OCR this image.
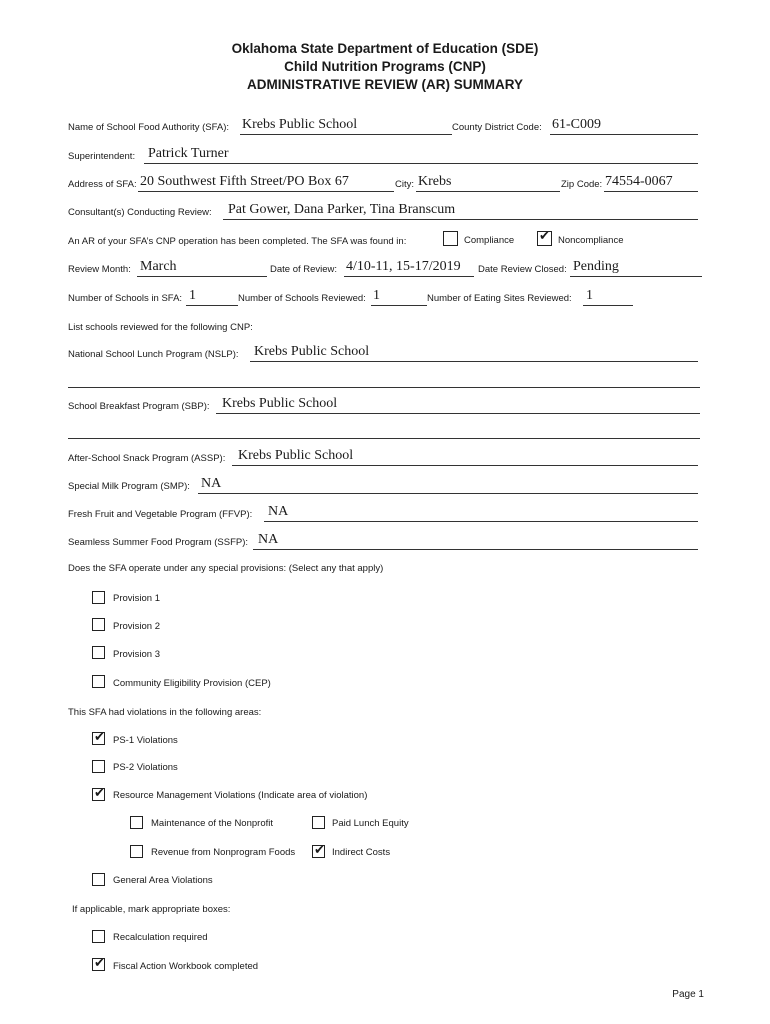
Oklahoma State Department of Education (SDE)
Child Nutrition Programs (CNP)
ADMINISTRATIVE REVIEW (AR) SUMMARY
Name of School Food Authority (SFA): Krebs Public School	County District Code: 61-C009
Superintendent: Patrick Turner
Address of SFA: 20 Southwest Fifth Street/PO Box 67	City: Krebs	Zip Code: 74554-0067
Consultant(s) Conducting Review: Pat Gower, Dana Parker, Tina Branscum
An AR of your SFA’s CNP operation has been completed. The SFA was found in:	Compliance ✔ Noncompliance
Review Month: March	Date of Review: 4/10-11, 15-17/2019 Date Review Closed: Pending
Number of Schools in SFA: 1	Number of Schools Reviewed: 1	Number of Eating Sites Reviewed: 1
List schools reviewed for the following CNP:
National School Lunch Program (NSLP): Krebs Public School
School Breakfast Program (SBP): Krebs Public School
After-School Snack Program (ASSP): Krebs Public School
Special Milk Program (SMP): NA
Fresh Fruit and Vegetable Program (FFVP): NA
Seamless Summer Food Program (SSFP): NA
Does the SFA operate under any special provisions: (Select any that apply)
Provision 1
Provision 2
Provision 3
Community Eligibility Provision (CEP)
This SFA had violations in the following areas:
✔ PS-1 Violations
PS-2 Violations
✔ Resource Management Violations (Indicate area of violation)
Maintenance of the Nonprofit	Paid Lunch Equity
Revenue from Nonprogram Foods ✔ Indirect Costs
General Area Violations
If applicable, mark appropriate boxes:
Recalculation required
✔ Fiscal Action Workbook completed
Page 1
